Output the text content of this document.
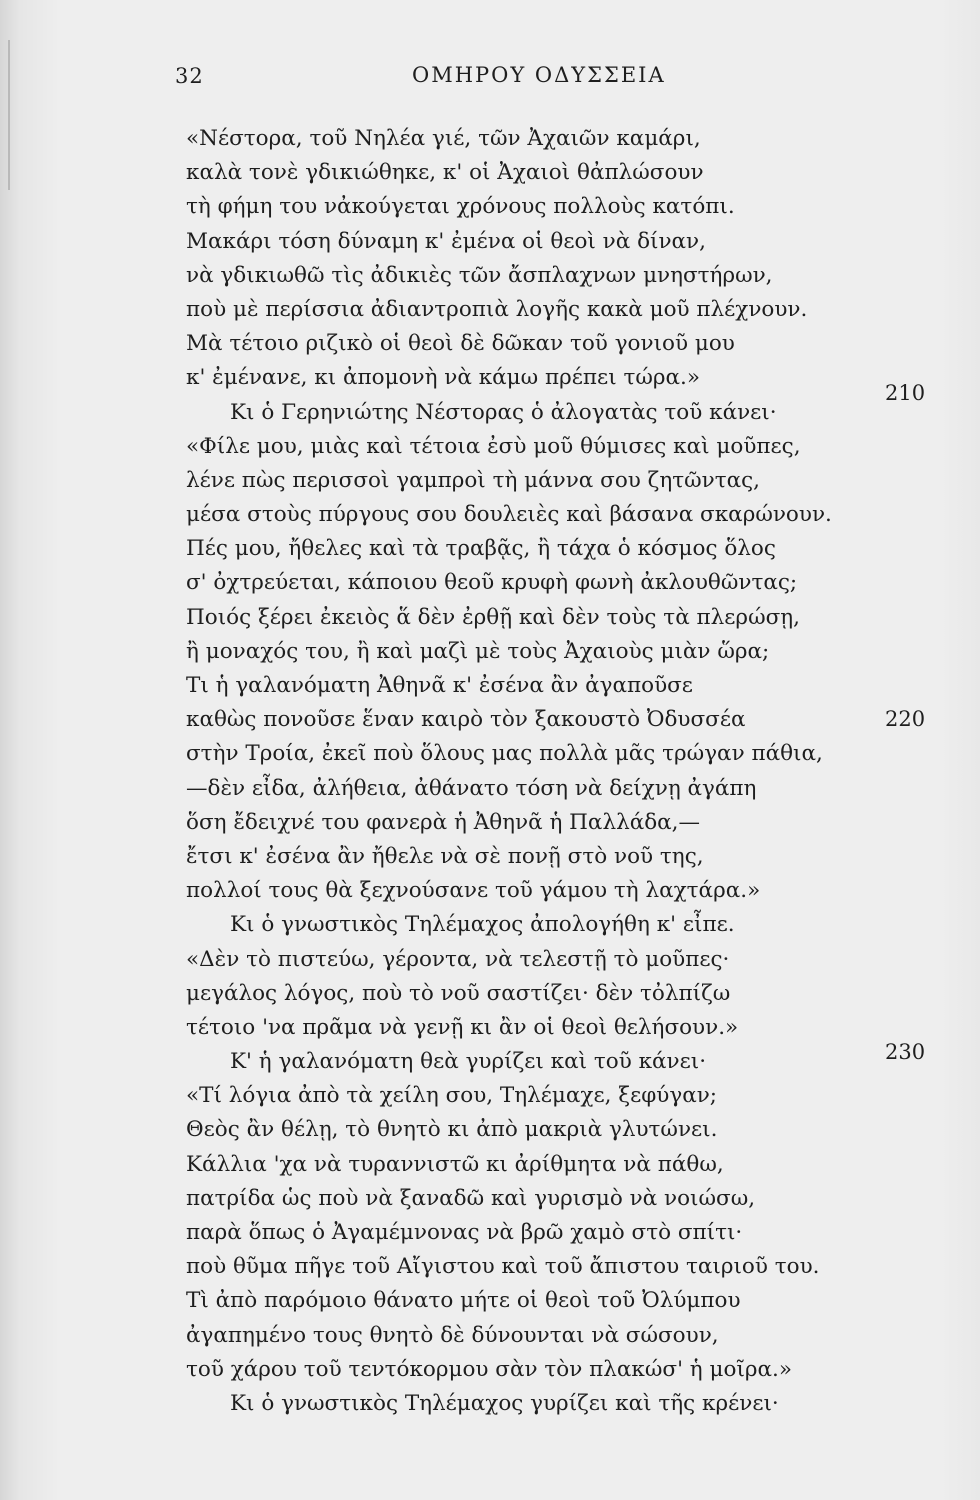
32	ΟΜΗΡΟΥ ΟΔΥΣΣΕΙΑ
«Νέστορα, τοῦ Νηλέα γιέ, τῶν Ἀχαιῶν καμάρι,
καλὰ τονὲ γδικιώθηκε, κ' οἱ Ἀχαιοὶ θἀπλώσουν
τὴ φήμη του νἀκούγεται χρόνους πολλοὺς κατόπι.
Μακάρι τόση δύναμη κ' ἐμένα οἱ θεοὶ νὰ δίναν,
νὰ γδικιωθῶ τὶς ἀδικιὲς τῶν ἄσπλαχνων μνηστήρων,
ποὺ μὲ περίσσια ἀδιαντροπιὰ λογῆς κακὰ μοῦ πλέχνουν.
Μὰ τέτοιο ριζικὸ οἱ θεοὶ δὲ δῶκαν τοῦ γονιοῦ μου
κ' ἐμένανε, κι ἀπομονὴ νὰ κάμω πρέπει τώρα.»
Κι ὁ Γερηνιώτης Νέστορας ὁ ἀλογατὰς τοῦ κάνει·
«Φίλε μου, μιὰς καὶ τέτοια ἐσὺ μοῦ θύμισες καὶ μοῦπες,
λένε πὼς περισσοὶ γαμπροὶ τὴ μάννα σου ζητῶντας,
μέσα στοὺς πύργους σου δουλειὲς καὶ βάσανα σκαρώνουν.
Πές μου, ἤθελες καὶ τὰ τραβᾷς, ἢ τάχα ὁ κόσμος ὅλος
σ' ὀχτρεύεται, κάποιου θεοῦ κρυφὴ φωνὴ ἀκλουθῶντας;
Ποιός ξέρει ἐκειὸς ἅ δὲν ἐρθῇ καὶ δὲν τοὺς τὰ πλερώσῃ,
ἢ μοναχός του, ἢ καὶ μαζὶ μὲ τοὺς Ἀχαιοὺς μιὰν ὥρα;
Τι ἡ γαλανόματη Ἀθηνᾶ κ' ἐσένα ἂν ἀγαποῦσε
καθὼς πονοῦσε ἕναν καιρὸ τὸν ξακουστὸ Ὀδυσσέα
στὴν Τροία, ἐκεῖ ποὺ ὅλους μας πολλὰ μᾶς τρώγαν πάθια,
—δὲν εἶδα, ἀλήθεια, ἀθάνατο τόση νὰ δείχνῃ ἀγάπη
ὅση ἔδειχνέ του φανερὰ ἡ Ἀθηνᾶ ἡ Παλλάδα,—
ἔτσι κ' ἐσένα ἂν ἤθελε νὰ σὲ πονῇ στὸ νοῦ της,
πολλοί τους θὰ ξεχνούσανε τοῦ γάμου τὴ λαχτάρα.»
Κι ὁ γνωστικὸς Τηλέμαχος ἀπολογήθη κ' εἶπε.
«Δὲν τὸ πιστεύω, γέροντα, νὰ τελεστῇ τὸ μοῦπες·
μεγάλος λόγος, ποὺ τὸ νοῦ σαστίζει· δὲν τὀλπίζω
τέτοιο 'να πρᾶμα νὰ γενῇ κι ἂν οἱ θεοὶ θελήσουν.»
Κ' ἡ γαλανόματη θεὰ γυρίζει καὶ τοῦ κάνει·
«Τί λόγια ἀπὸ τὰ χείλη σου, Τηλέμαχε, ξεφύγαν;
Θεὸς ἂν θέλῃ, τὸ θνητὸ κι ἀπὸ μακριὰ γλυτώνει.
Κάλλια 'χα νὰ τυραννιστῶ κι ἀρίθμητα νὰ πάθω,
πατρίδα ὡς ποὺ νὰ ξαναδῶ καὶ γυρισμὸ νὰ νοιώσω,
παρὰ ὅπως ὁ Ἀγαμέμνονας νὰ βρῶ χαμὸ στὸ σπίτι·
ποὺ θῦμα πῆγε τοῦ Αἴγιστου καὶ τοῦ ἄπιστου ταιριοῦ του.
Τὶ ἀπὸ παρόμοιο θάνατο μήτε οἱ θεοὶ τοῦ Ὀλύμπου
ἀγαπημένο τους θνητὸ δὲ δύνουνται νὰ σώσουν,
τοῦ χάρου τοῦ τεντόκορμου σὰν τὸν πλακώσ' ἡ μοῖρα.»
Κι ὁ γνωστικὸς Τηλέμαχος γυρίζει καὶ τῆς κρένει·
210
220
230
